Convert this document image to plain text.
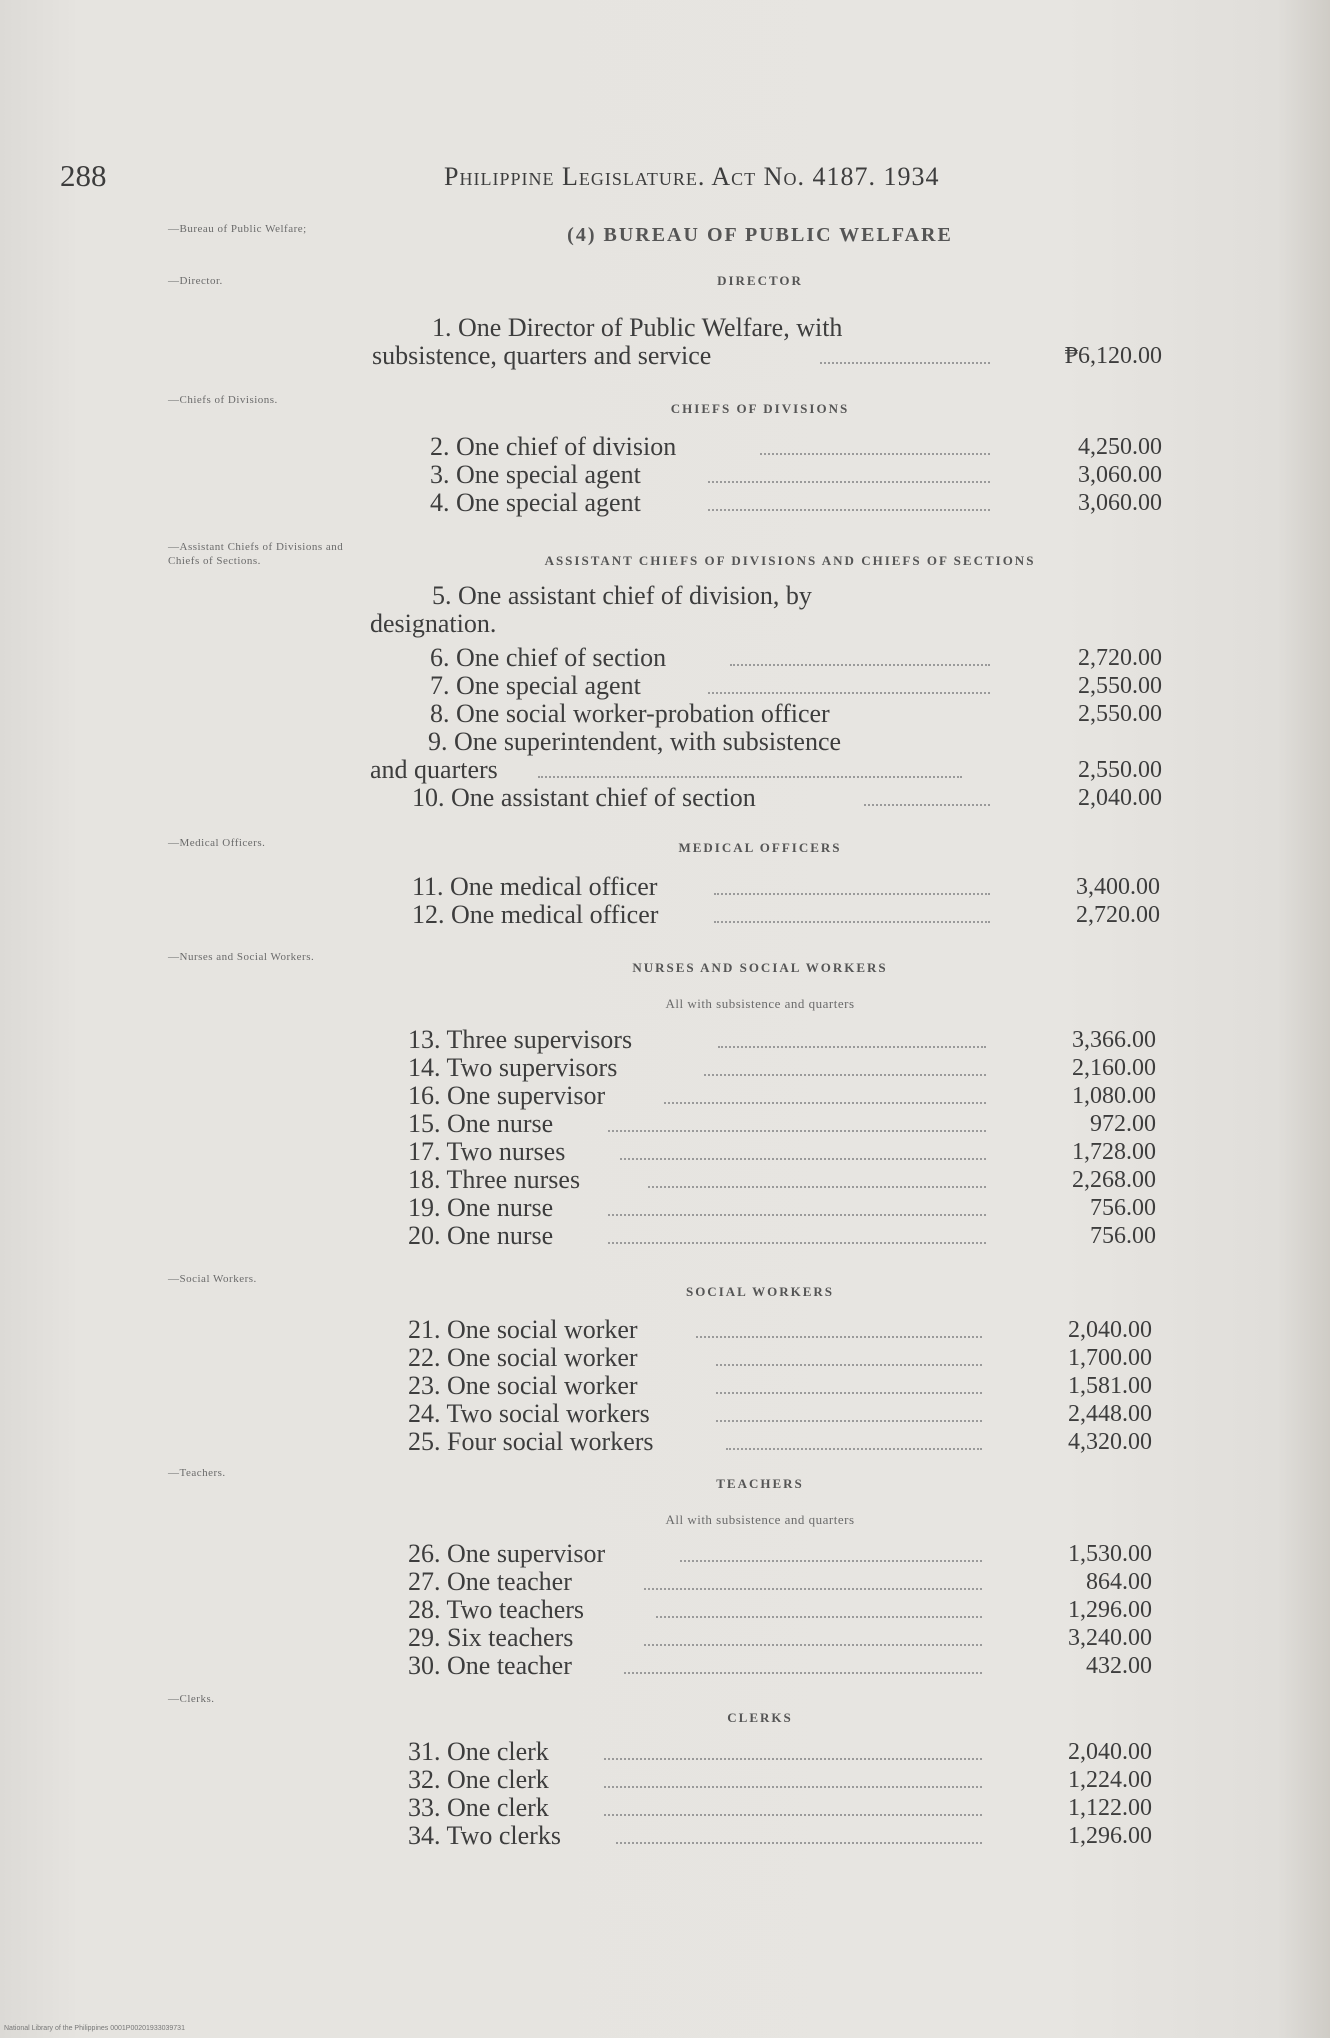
288	Philippine Legislature. Act No. 4187. 1934
—Bureau of Public Welfare;
—Director.
—Chiefs of Divisions.
—Assistant Chiefs of Divisions and Chiefs of Sections.
—Medical Officers.
—Nurses and Social Workers.
—Social Workers.
—Teachers.
—Clerks.
(4) BUREAU OF PUBLIC WELFARE
DIRECTOR
1. One Director of Public Welfare, with
subsistence, quarters and service	₱6,120.00
CHIEFS OF DIVISIONS
2. One chief of division	4,250.00
3. One special agent	3,060.00
4. One special agent	3,060.00
ASSISTANT CHIEFS OF DIVISIONS AND CHIEFS OF SECTIONS
5. One assistant chief of division, by
designation.
6. One chief of section	2,720.00
7. One special agent	2,550.00
8. One social worker-probation officer	2,550.00
9. One superintendent, with subsistence
and quarters	2,550.00
10. One assistant chief of section	2,040.00
MEDICAL OFFICERS
11. One medical officer	3,400.00
12. One medical officer	2,720.00
NURSES AND SOCIAL WORKERS
All with subsistence and quarters
13. Three supervisors	3,366.00
14. Two supervisors	2,160.00
16. One supervisor	1,080.00
15. One nurse	972.00
17. Two nurses	1,728.00
18. Three nurses	2,268.00
19. One nurse	756.00
20. One nurse	756.00
SOCIAL WORKERS
21. One social worker	2,040.00
22. One social worker	1,700.00
23. One social worker	1,581.00
24. Two social workers	2,448.00
25. Four social workers	4,320.00
TEACHERS
All with subsistence and quarters
26. One supervisor	1,530.00
27. One teacher	864.00
28. Two teachers	1,296.00
29. Six teachers	3,240.00
30. One teacher	432.00
CLERKS
31. One clerk	2,040.00
32. One clerk	1,224.00
33. One clerk	1,122.00
34. Two clerks	1,296.00
National Library of the Philippines 0001P00201933039731
